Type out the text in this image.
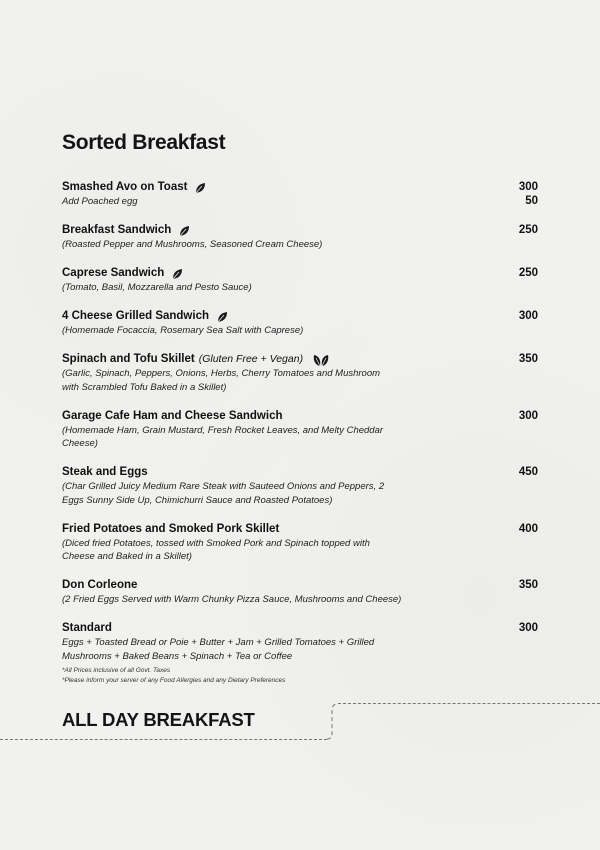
Sorted Breakfast
Smashed Avo on Toast	300
Add Poached egg	50
Breakfast Sandwich	250
(Roasted Pepper and Mushrooms, Seasoned Cream Cheese)
Caprese Sandwich	250
(Tomato, Basil, Mozzarella and Pesto Sauce)
4 Cheese Grilled Sandwich	300
(Homemade Focaccia, Rosemary Sea Salt with Caprese)
Spinach and Tofu Skillet (Gluten Free + Vegan)	350
(Garlic, Spinach, Peppers, Onions, Herbs, Cherry Tomatoes and Mushroom with Scrambled Tofu Baked in a Skillet)
Garage Cafe Ham and Cheese Sandwich	300
(Homemade Ham, Grain Mustard, Fresh Rocket Leaves, and Melty Cheddar Cheese)
Steak and Eggs	450
(Char Grilled Juicy Medium Rare Steak with Sauteed Onions and Peppers, 2 Eggs Sunny Side Up, Chimichurri Sauce and Roasted Potatoes)
Fried Potatoes and Smoked Pork Skillet	400
(Diced fried Potatoes, tossed with Smoked Pork and Spinach topped with Cheese and Baked in a Skillet)
Don Corleone	350
(2 Fried Eggs Served with Warm Chunky Pizza Sauce, Mushrooms and Cheese)
Standard	300
Eggs + Toasted Bread or Poie + Butter + Jam + Grilled Tomatoes + Grilled Mushrooms + Baked Beans + Spinach + Tea or Coffee
*All Prices inclusive of all Govt. Taxes
*Please inform your server of any Food Allergies and any Dietary Preferences
ALL DAY BREAKFAST
